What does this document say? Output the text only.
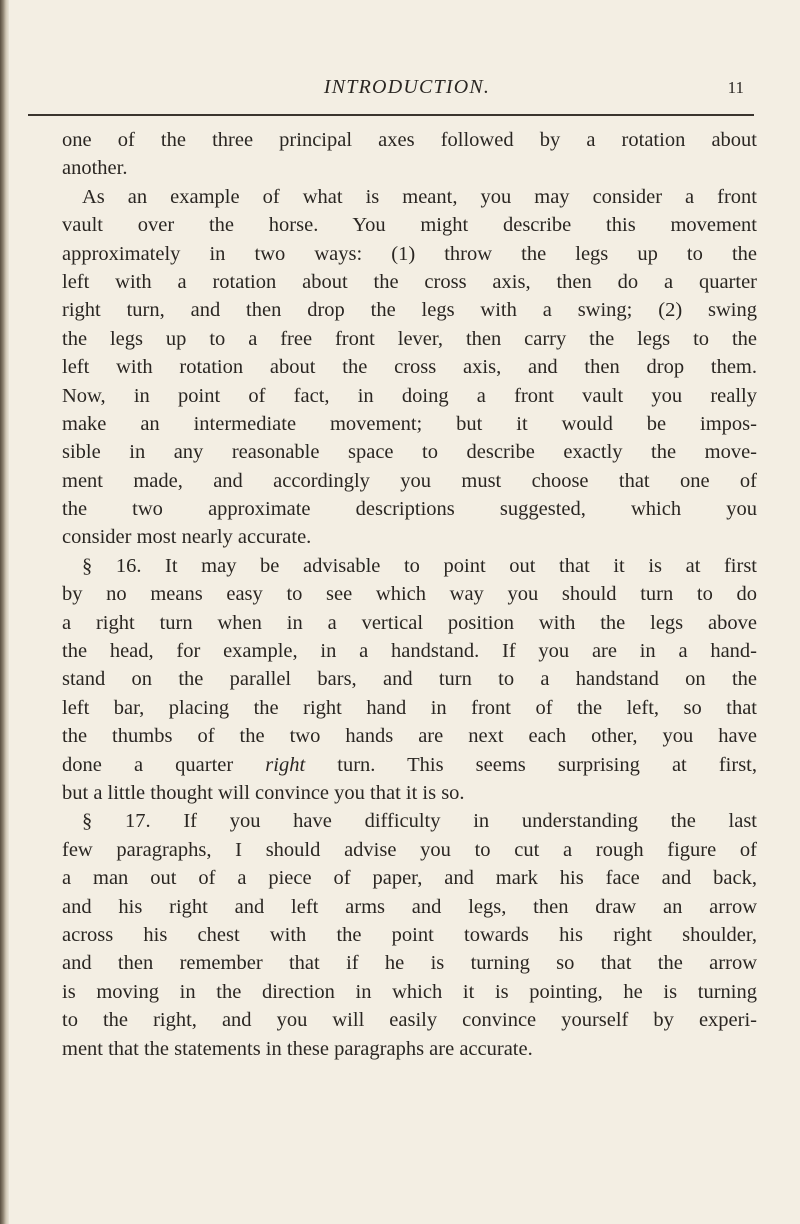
INTRODUCTION.	11
one of the three principal axes followed by a rotation about
another.
As an example of what is meant, you may consider a front
vault over the horse. You might describe this movement
approximately in two ways: (1) throw the legs up to the
left with a rotation about the cross axis, then do a quarter
right turn, and then drop the legs with a swing; (2) swing
the legs up to a free front lever, then carry the legs to the
left with rotation about the cross axis, and then drop them.
Now, in point of fact, in doing a front vault you really
make an intermediate movement; but it would be impos-
sible in any reasonable space to describe exactly the move-
ment made, and accordingly you must choose that one of
the two approximate descriptions suggested, which you
consider most nearly accurate.
§ 16. It may be advisable to point out that it is at first
by no means easy to see which way you should turn to do
a right turn when in a vertical position with the legs above
the head, for example, in a handstand. If you are in a hand-
stand on the parallel bars, and turn to a handstand on the
left bar, placing the right hand in front of the left, so that
the thumbs of the two hands are next each other, you have
done a quarter right turn. This seems surprising at first,
but a little thought will convince you that it is so.
§ 17. If you have difficulty in understanding the last
few paragraphs, I should advise you to cut a rough figure of
a man out of a piece of paper, and mark his face and back,
and his right and left arms and legs, then draw an arrow
across his chest with the point towards his right shoulder,
and then remember that if he is turning so that the arrow
is moving in the direction in which it is pointing, he is turning
to the right, and you will easily convince yourself by experi-
ment that the statements in these paragraphs are accurate.
